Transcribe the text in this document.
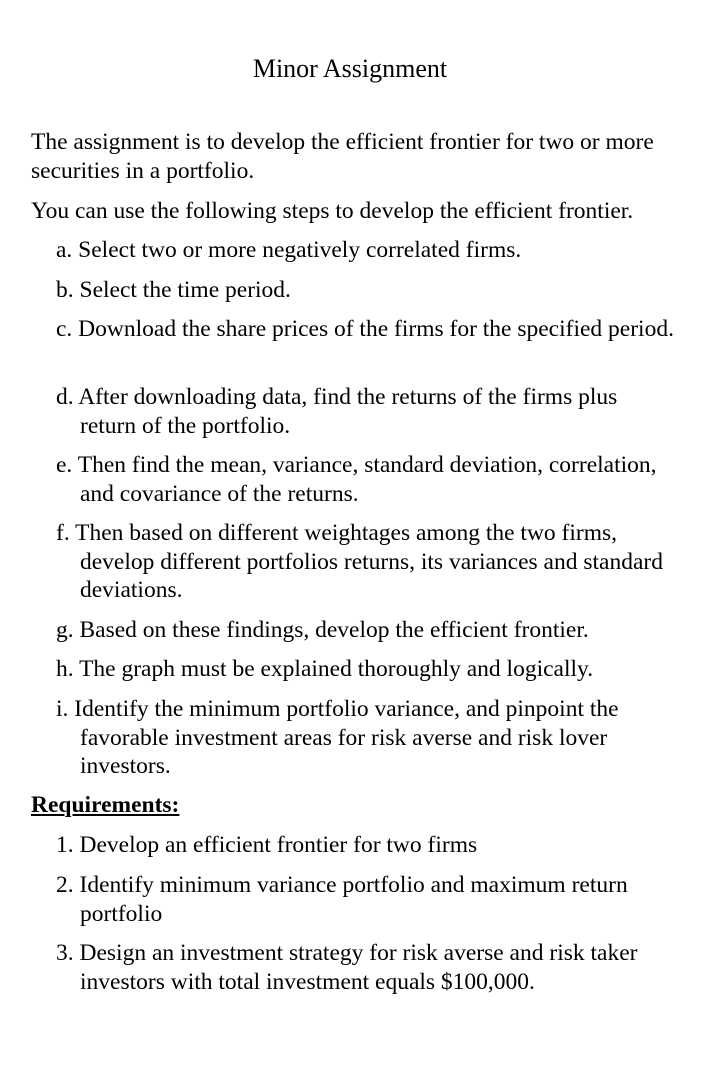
Minor Assignment
The assignment is to develop the efficient frontier for two or more securities in a portfolio.
You can use the following steps to develop the efficient frontier.
a. Select two or more negatively correlated firms.
b. Select the time period.
c. Download the share prices of the firms for the specified period.
d. After downloading data, find the returns of the firms plus return of the portfolio.
e. Then find the mean, variance, standard deviation, correlation, and covariance of the returns.
f. Then based on different weightages among the two firms, develop different portfolios returns, its variances and standard deviations.
g. Based on these findings, develop the efficient frontier.
h. The graph must be explained thoroughly and logically.
i. Identify the minimum portfolio variance, and pinpoint the favorable investment areas for risk averse and risk lover investors.
Requirements:
1. Develop an efficient frontier for two firms
2. Identify minimum variance portfolio and maximum return portfolio
3. Design an investment strategy for risk averse and risk taker investors with total investment equals $100,000.
